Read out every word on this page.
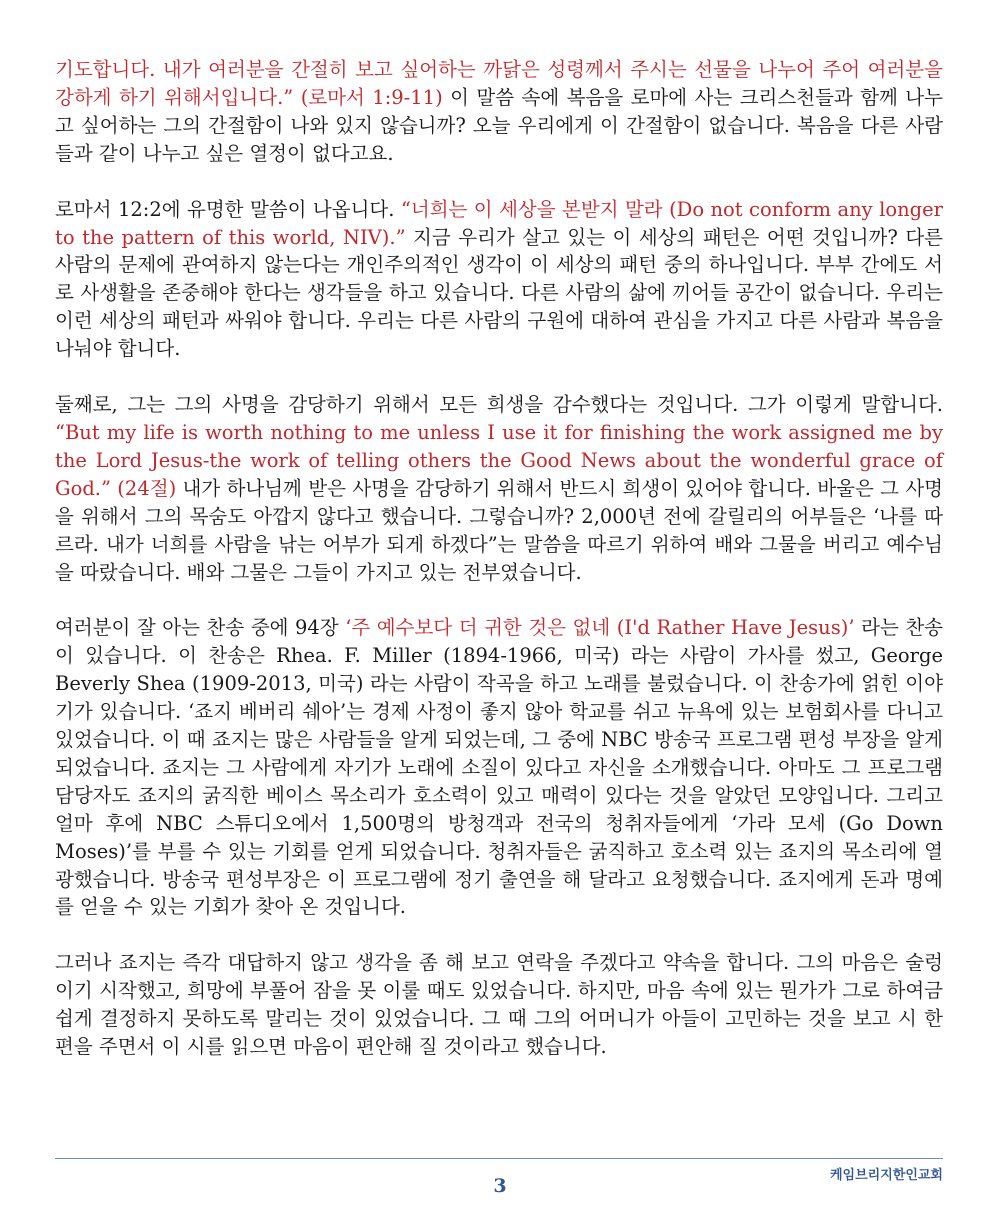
기도합니다. 내가 여러분을 간절히 보고 싶어하는 까닭은 성령께서 주시는 선물을 나누어 주어 여러분을 강하게 하기 위해서입니다.” (로마서 1:9-11) 이 말씀 속에 복음을 로마에 사는 크리스천들과 함께 나누고 싶어하는 그의 간절함이 나와 있지 않습니까? 오늘 우리에게 이 간절함이 없습니다. 복음을 다른 사람들과 같이 나누고 싶은 열정이 없다고요.

로마서 12:2에 유명한 말씀이 나옵니다. “너희는 이 세상을 본받지 말라 (Do not conform any longer to the pattern of this world, NIV).” 지금 우리가 살고 있는 이 세상의 패턴은 어떤 것입니까? 다른 사람의 문제에 관여하지 않는다는 개인주의적인 생각이 이 세상의 패턴 중의 하나입니다. 부부 간에도 서로 사생활을 존중해야 한다는 생각들을 하고 있습니다. 다른 사람의 삶에 끼어들 공간이 없습니다. 우리는 이런 세상의 패턴과 싸워야 합니다. 우리는 다른 사람의 구원에 대하여 관심을 가지고 다른 사람과 복음을 나눠야 합니다.

둘째로, 그는 그의 사명을 감당하기 위해서 모든 희생을 감수했다는 것입니다. 그가 이렇게 말합니다. “But my life is worth nothing to me unless I use it for finishing the work assigned me by the Lord Jesus-the work of telling others the Good News about the wonderful grace of God.” (24절) 내가 하나님께 받은 사명을 감당하기 위해서 반드시 희생이 있어야 합니다. 바울은 그 사명을 위해서 그의 목숨도 아깝지 않다고 했습니다. 그렇습니까? 2,000년 전에 갈릴리의 어부들은 ‘나를 따르라. 내가 너희를 사람을 낚는 어부가 되게 하겠다”는 말씀을 따르기 위하여 배와 그물을 버리고 예수님을 따랐습니다. 배와 그물은 그들이 가지고 있는 전부였습니다.

여러분이 잘 아는 찬송 중에 94장 ‘주 예수보다 더 귀한 것은 없네 (I'd Rather Have Jesus)’ 라는 찬송이 있습니다. 이 찬송은 Rhea. F. Miller (1894-1966, 미국) 라는 사람이 가사를 썼고, George Beverly Shea (1909-2013, 미국) 라는 사람이 작곡을 하고 노래를 불렀습니다. 이 찬송가에 얽힌 이야기가 있습니다. ‘죠지 베버리 쉐아’는 경제 사정이 좋지 않아 학교를 쉬고 뉴욕에 있는 보험회사를 다니고 있었습니다. 이 때 죠지는 많은 사람들을 알게 되었는데, 그 중에 NBC 방송국 프로그램 편성 부장을 알게 되었습니다. 죠지는 그 사람에게 자기가 노래에 소질이 있다고 자신을 소개했습니다. 아마도 그 프로그램 담당자도 죠지의 굵직한 베이스 목소리가 호소력이 있고 매력이 있다는 것을 알았던 모양입니다. 그리고 얼마 후에 NBC 스튜디오에서 1,500명의 방청객과 전국의 청취자들에게 ‘가라 모세 (Go Down Moses)’를 부를 수 있는 기회를 얻게 되었습니다. 청취자들은 굵직하고 호소력 있는 죠지의 목소리에 열광했습니다. 방송국 편성부장은 이 프로그램에 정기 출연을 해 달라고 요청했습니다. 죠지에게 돈과 명예를 얻을 수 있는 기회가 찾아 온 것입니다.

그러나 죠지는 즉각 대답하지 않고 생각을 좀 해 보고 연락을 주겠다고 약속을 합니다. 그의 마음은 술렁이기 시작했고, 희망에 부풀어 잠을 못 이룰 때도 있었습니다. 하지만, 마음 속에 있는 뭔가가 그로 하여금 쉽게 결정하지 못하도록 말리는 것이 있었습니다. 그 때 그의 어머니가 아들이 고민하는 것을 보고 시 한 편을 주면서 이 시를 읽으면 마음이 편안해 질 것이라고 했습니다.

케임브리지한인교회
3
